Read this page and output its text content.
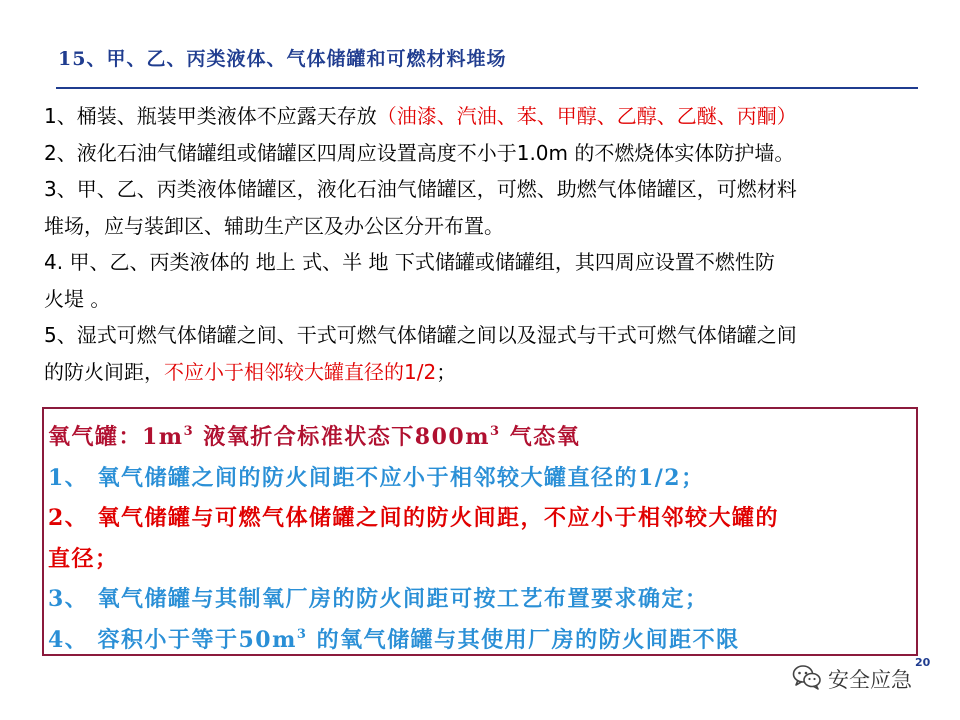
15、甲、乙、丙类液体、气体储罐和可燃材料堆场
1、桶装、瓶装甲类液体不应露天存放（油漆、汽油、苯、甲醇、乙醇、乙醚、丙酮）
2、液化石油气储罐组或储罐区四周应设置高度不小于1.0m 的不燃烧体实体防护墙。
3、甲、乙、丙类液体储罐区，液化石油气储罐区，可燃、助燃气体储罐区，可燃材料
堆场，应与装卸区、辅助生产区及办公区分开布置。
4. 甲、乙、丙类液体的 地上 式、半 地 下式储罐或储罐组，其四周应设置不燃性防
火堤 。
5、湿式可燃气体储罐之间、干式可燃气体储罐之间以及湿式与干式可燃气体储罐之间
的防火间距，不应小于相邻较大罐直径的1/2；
氧气罐：$1m^3$ 液氧折合标准状态下$800m^3$ 气态氧
1、 氧气储罐之间的防火间距不应小于相邻较大罐直径的1/2；
2、 氧气储罐与可燃气体储罐之间的防火间距，不应小于相邻较大罐的
直径；
3、 氧气储罐与其制氧厂房的防火间距可按工艺布置要求确定；
4、 容积小于等于$50m^3$ 的氧气储罐与其使用厂房的防火间距不限
20
安全应急
